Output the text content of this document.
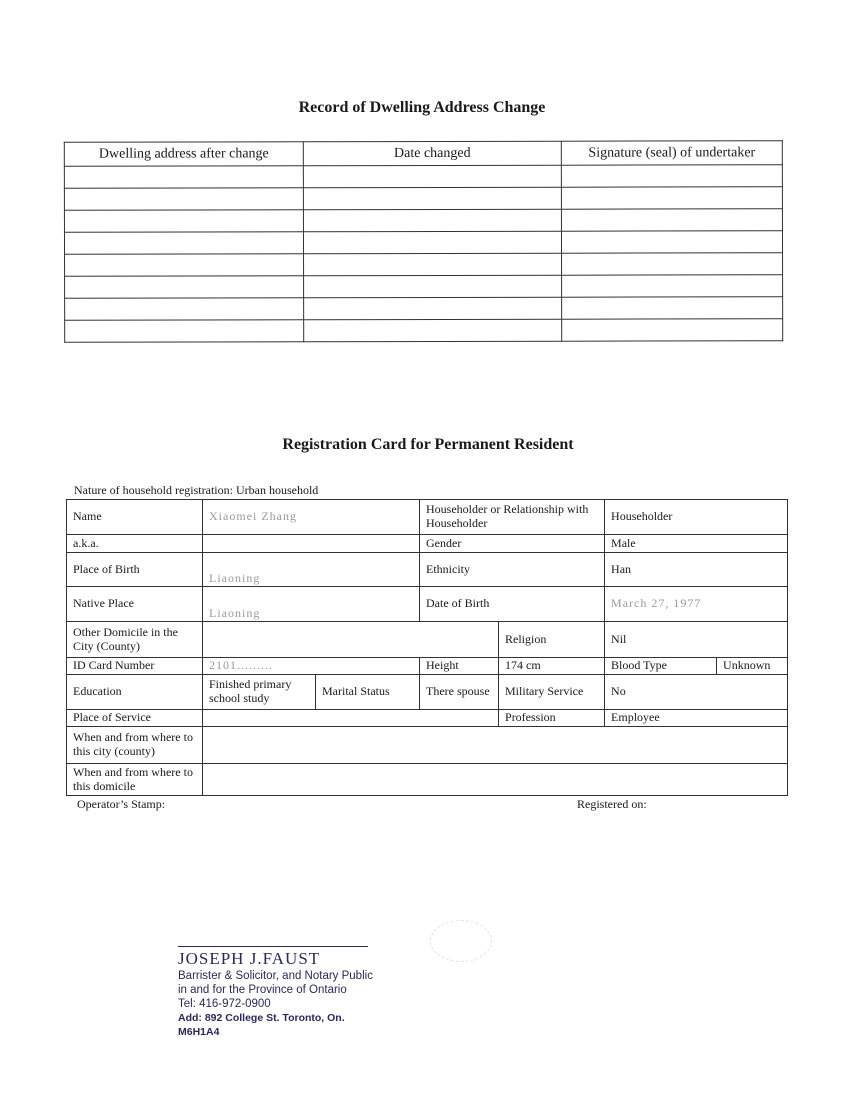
Record of Dwelling Address Change
Dwelling address after change	Date changed	Signature (seal) of undertaker

Registration Card for Permanent Resident
Nature of household registration: Urban household
Name	Xiaomei Zhang		Householder or Relationship with Householder		Householder	
a.k.a.			Gender		Male	
Place of Birth	Liaoning		Ethnicity		Han	
Native Place	Liaoning		Date of Birth		March 27, 1977	
Other Domicile in the City (County)				Religion	Nil	
ID Card Number	2101.........		Height	174 cm	Blood Type	Unknown
Education	Finished primary school study	Marital Status	There spouse	Military Service	No	
Place of Service				Profession	Employee	
When and from where to this city (county)						
When and from where to this domicile						
Operator’s Stamp:	Registered on:
JOSEPH J.FAUST
Barrister & Solicitor, and Notary Public
in and for the Province of Ontario
Tel: 416-972-0900
Add: 892 College St. Toronto, On. M6H1A4
